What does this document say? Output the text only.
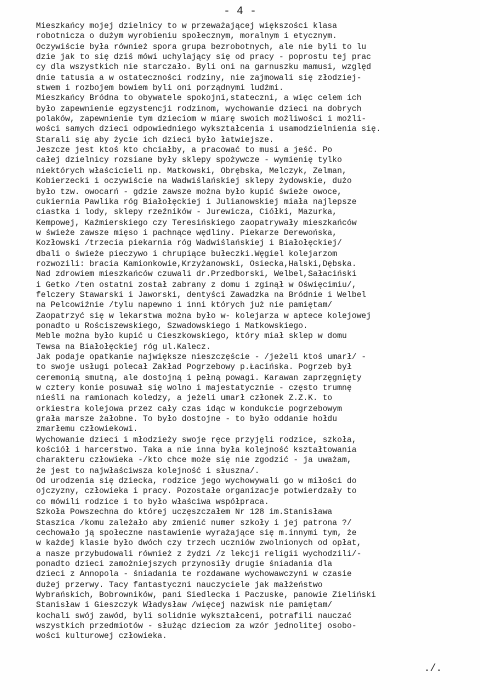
- 4 -
Mieszkańcy mojej dzielnicy to w przeważającej większości klasa
robotnicza o dużym wyrobieniu społecznym, moralnym i etycznym.
Oczywiście była również spora grupa bezrobotnych, ale nie byli to lu
dzie jak to się dziś mówi uchylający się od pracy - poprostu tej prac
cy dla wszystkich nie starczało. Byli oni na garnuszku mamusi, względ
dnie tatusia a w ostateczności rodziny, nie zajmowali się złodziej-
stwem i rozbojem bowiem byli oni porządnymi ludźmi.
Mieszkańcy Bródna to obywatele spokojni,stateczni, a więc celem ich
było zapewnienie egzystencji rodzinom, wychowanie dzieci na dobrych
polaków, zapewnienie tym dzieciom w miarę swoich możliwości i możli-
wości samych dzieci odpowiedniego wykształcenia i usamodzielnienia się.
Starali się aby życie ich dzieci było łatwiejsze.
Jeszcze jest ktoś kto chciałby, a pracować to musi a jeść. Po
całej dzielnicy rozsiane były sklepy spożywcze - wymienię tylko
niektórych właścicieli np. Matkowski, Obrębska, Melczyk, Zelman,
Kobierzecki i oczywiście na Wadwiślańskiej sklepy żydowskie, dużo
było tzw. owocarń - gdzie zawsze można było kupić świeże owoce,
cukiernia Pawlika róg Białołęckiej i Julianowskiej miała najlepsze
ciastka i lody, sklepy rzeźników - Jurewicza, Ciółki, Mazurka,
Kempowej, Kaźmierskiego czy Teresińskiego zaopatrywały mieszkańców
w świeże zawsze mięso i pachnące wędliny. Piekarze Derewońska,
Kozłowski /trzecia piekarnia róg Wadwiślańskiej i Białołęckiej/
dbali o świeże pieczywo i chrupiące bułeczki.Węgiel kolejarzom
rozwozili: bracia Kamionkowie,Krzyżanowski, Osiecka,Halski,Dębska.
Nad zdrowiem mieszkańców czuwali dr.Przedborski, Welbel,Sałaciński
i Getko /ten ostatni został zabrany z domu i zginął w Oświęcimiu/,
felczery Stawarski i Jaworski, dentyści Zawadzka na Bródnie i Welbel
na Pelcowiźnie /tylu napewno i inni których już nie pamiętam/
Zaopatrzyć się w lekarstwa można było w- kolejarza w aptece kolejowej
ponadto u Rościszewskiego, Szwadowskiego i Matkowskiego.
Meble można było kupić u Cieszkowskiego, który miał sklep w domu
Tewsa na Białołęckiej róg ul.Kalecz.
Jak podaje opatkanie największe nieszczęście - /jeżeli ktoś umarł/ -
to swoje usługi polecał Zakład Pogrzebowy p.Łacińska. Pogrzeb był
ceremonią smutną, ale dostojną i pełną powagi. Karawan zaprzęgnięty
w cztery konie posuwał się wolno i majestatycznie - często trumnę
nieśli na ramionach koledzy, a jeżeli umarł członek Z.Z.K. to
orkiestra kolejowa przez cały czas idąc w kondukcie pogrzebowym
grała marsze żałobne. To było dostojne - to było oddanie hołdu
zmarłemu człowiekowi.
Wychowanie dzieci i młodzieży swoje ręce przyjęli rodzice, szkoła,
kościół i harcerstwo. Taka a nie inna była kolejność kształtowania
charakteru człowieka -/kto chce może się nie zgodzić - ja uważam,
że jest to najwłaściwsza kolejność i słuszna/.
Od urodzenia się dziecka, rodzice jego wychowywali go w miłości do
ojczyzny, człowieka i pracy. Pozostałe organizacje potwierdzały to
co mówili rodzice i to było właściwa współpraca.
Szkoła Powszechna do której uczęszczałem Nr 128 im.Stanisława
Staszica /komu zależało aby zmienić numer szkoły i jej patrona ?/
cechowało ją społeczne nastawienie wyrażające się m.innymi tym, że
w każdej klasie było dwóch czy trzech uczniów zwolnionych od opłat,
a nasze przybudowali również z żydzi /z lekcji religii wychodzili/-
ponadto dzieci zamożniejszych przynosiły drugie śniadania dla
dzieci z Annopola - śniadania te rozdawane wychowawczyni w czasie
dużej przerwy. Tacy fantastyczni nauczyciele jak małżeństwo
Wybrańskich, Bobrowników, pani Siedlecka i Paczuske, panowie Zieliński
Stanisław i Gieszczyk Władysław /więcej nazwisk nie pamiętam/
kochali swój zawód, byli solidnie wykształceni, potrafili nauczać
wszystkich przedmiotów - służąc dzieciom za wzór jednolitej osobo-
wości kulturowej człowieka.
./.
